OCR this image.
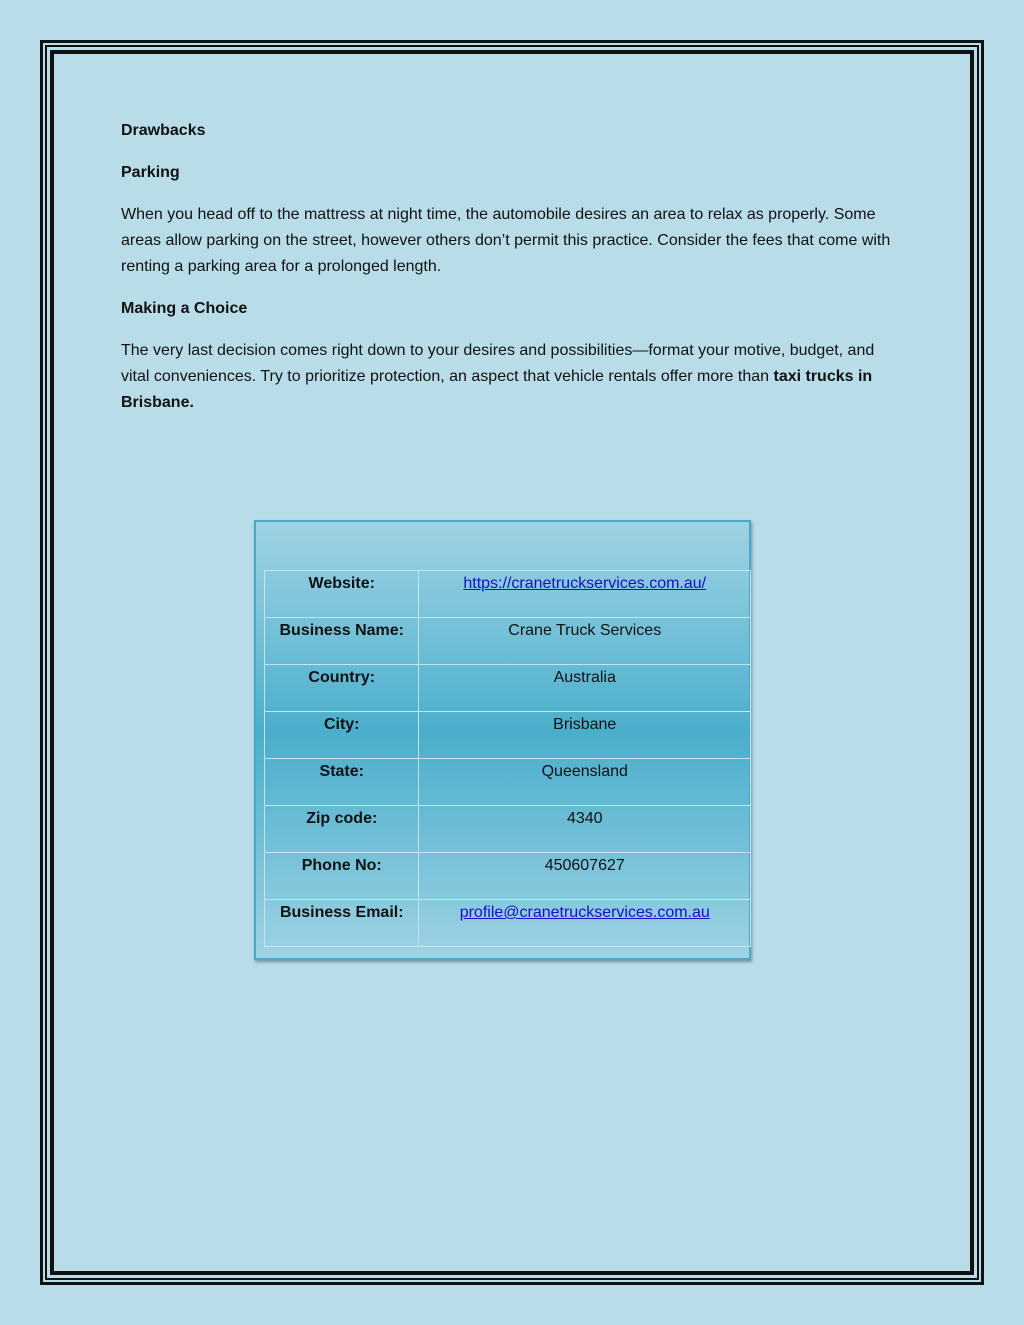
Drawbacks

Parking

When you head off to the mattress at night time, the automobile desires an area to relax as properly. Some areas allow parking on the street, however others don’t permit this practice. Consider the fees that come with renting a parking area for a prolonged length.

Making a Choice

The very last decision comes right down to your desires and possibilities—format your motive, budget, and vital conveniences. Try to prioritize protection, an aspect that vehicle rentals offer more than taxi trucks in Brisbane.

Website:	https://cranetruckservices.com.au/
Business Name:	Crane Truck Services
Country:	Australia
City:	Brisbane
State:	Queensland
Zip code:	4340
Phone No:	450607627
Business Email:	profile@cranetruckservices.com.au
